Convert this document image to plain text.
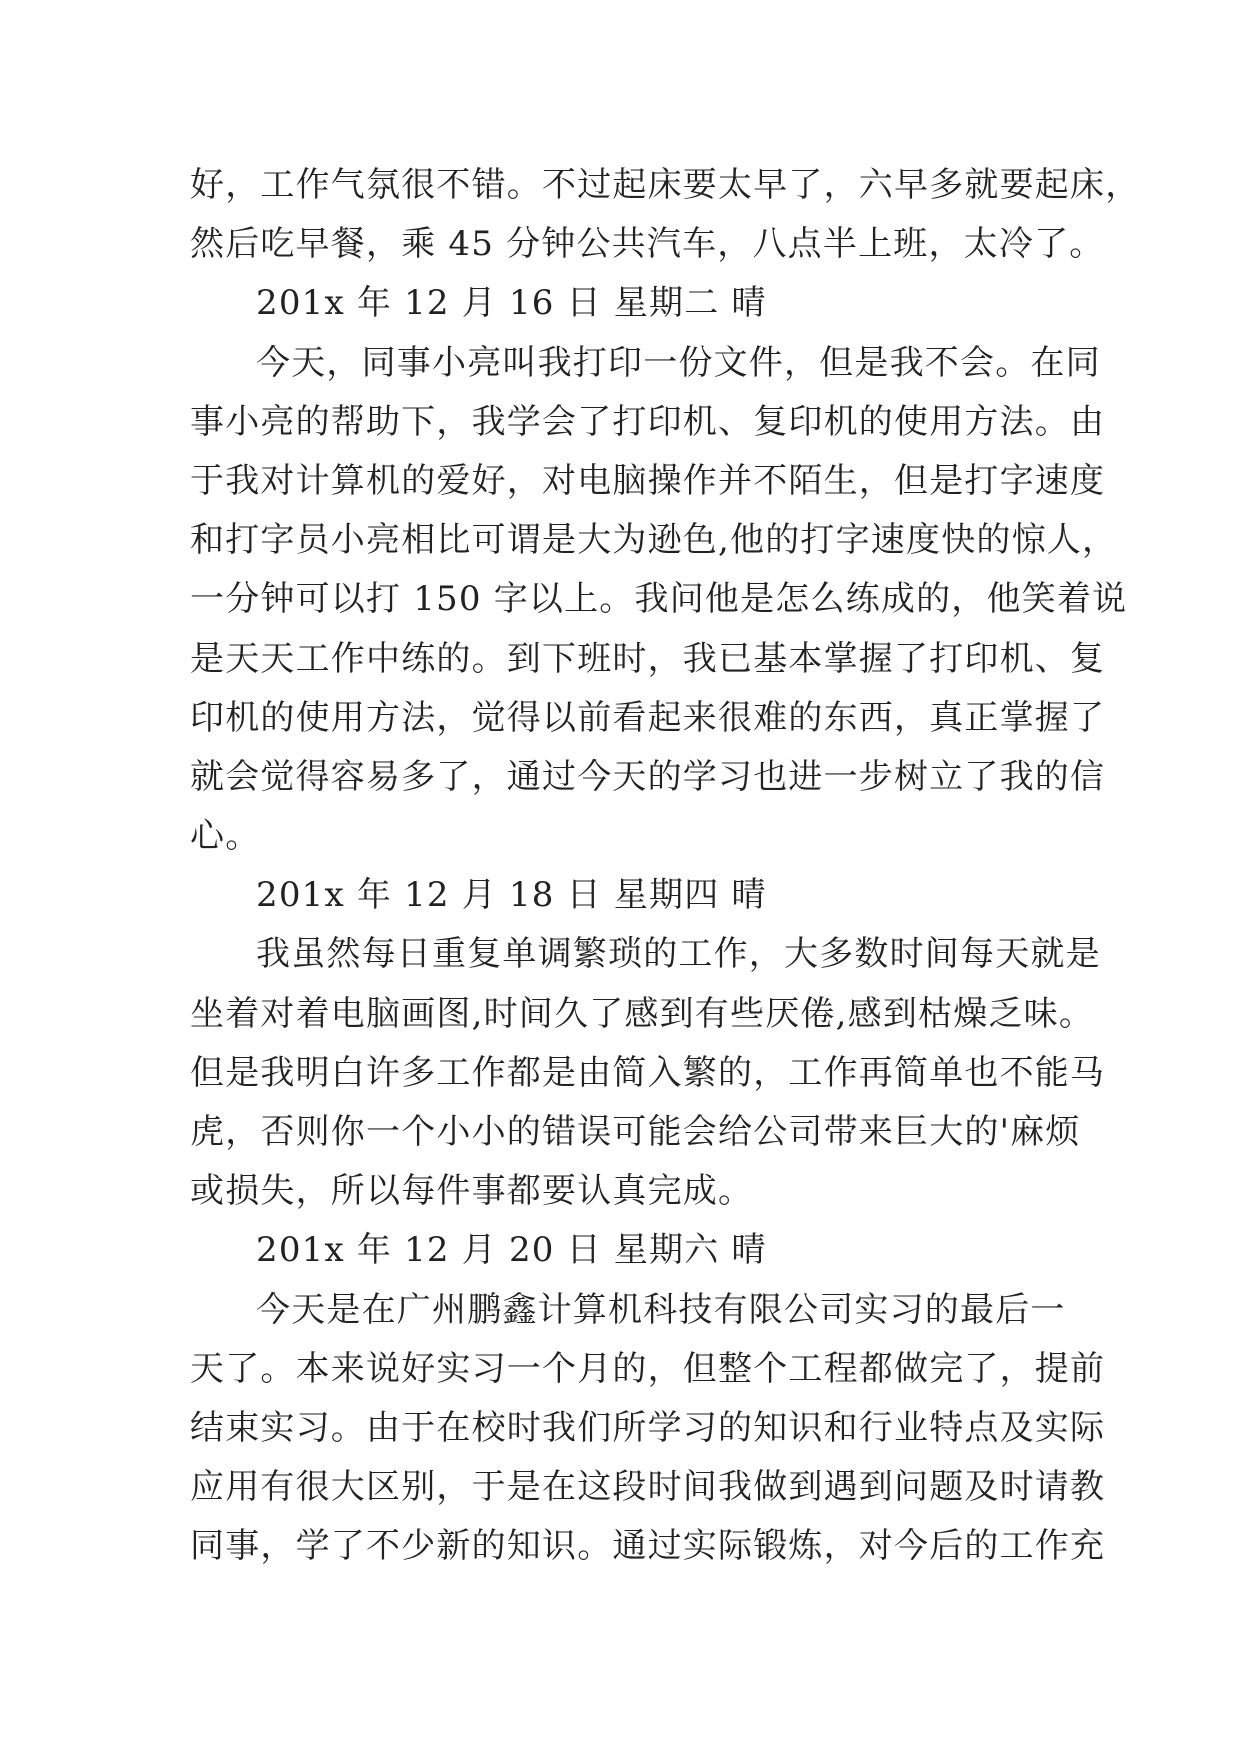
好，工作气氛很不错。不过起床要太早了，六早多就要起床，
然后吃早餐，乘 45 分钟公共汽车，八点半上班，太冷了。
201x 年 12 月 16 日 星期二 晴
今天，同事小亮叫我打印一份文件，但是我不会。在同
事小亮的帮助下，我学会了打印机、复印机的使用方法。由
于我对计算机的爱好，对电脑操作并不陌生，但是打字速度
和打字员小亮相比可谓是大为逊色,他的打字速度快的惊人，
一分钟可以打 150 字以上。我问他是怎么练成的，他笑着说
是天天工作中练的。到下班时，我已基本掌握了打印机、复
印机的使用方法，觉得以前看起来很难的东西，真正掌握了
就会觉得容易多了，通过今天的学习也进一步树立了我的信
心。
201x 年 12 月 18 日 星期四 晴
我虽然每日重复单调繁琐的工作，大多数时间每天就是
坐着对着电脑画图,时间久了感到有些厌倦,感到枯燥乏味。
但是我明白许多工作都是由简入繁的，工作再简单也不能马
虎，否则你一个小小的错误可能会给公司带来巨大的'麻烦
或损失，所以每件事都要认真完成。
201x 年 12 月 20 日 星期六 晴
今天是在广州鹏鑫计算机科技有限公司实习的最后一
天了。本来说好实习一个月的，但整个工程都做完了，提前
结束实习。由于在校时我们所学习的知识和行业特点及实际
应用有很大区别，于是在这段时间我做到遇到问题及时请教
同事，学了不少新的知识。通过实际锻炼，对今后的工作充
